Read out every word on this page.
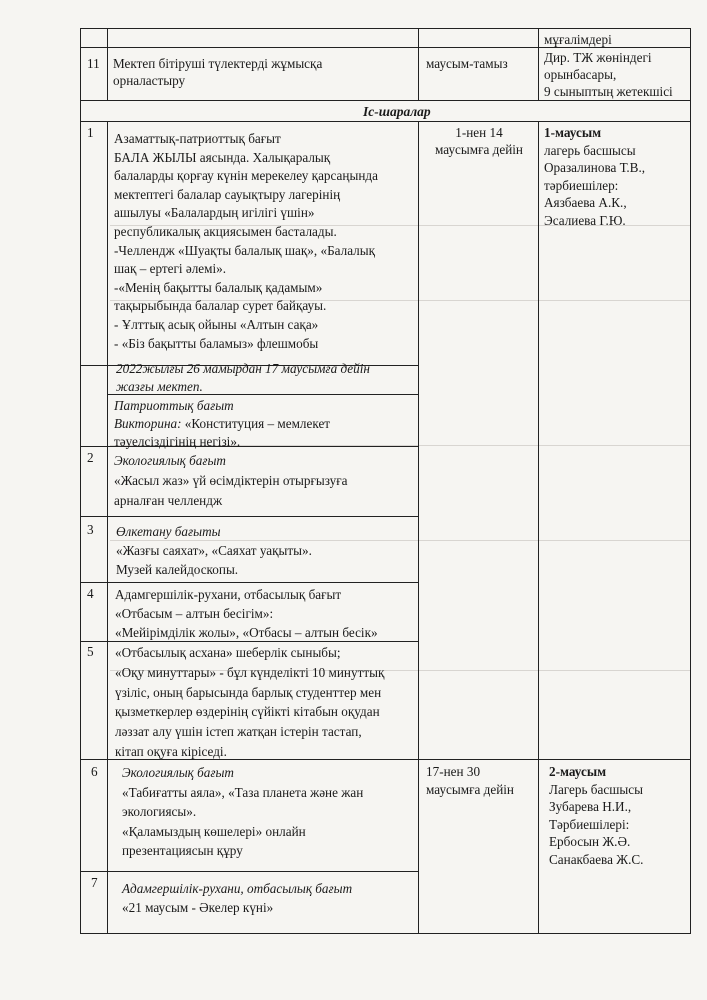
мұғалімдері
11 Мектеп бітіруші түлектерді жұмысқа
орналастыру
маусым-тамыз	Дир. ТЖ жөніндегі
орынбасары,
9 сыныптың жетекшісі
Іс-шаралар
1 Азаматтық-патриоттық бағыт
БАЛА ЖЫЛЫ аясында. Халықаралық
балаларды қорғау күнін мерекелеу қарсаңында
мектептегі балалар сауықтыру лагерінің
ашылуы «Балалардың игілігі үшін»
республикалық акциясымен басталады.
-Челлендж «Шуақты балалық шақ», «Балалық
шақ – ертегі әлемі».
-«Менің бақытты балалық қадамым»
тақырыбында балалар сурет байқауы.
- Ұлттық асық ойыны «Алтын сақа»
- «Біз бақытты баламыз» флешмобы
2022жылғы 26 мамырдан 17 маусымға дейін
жазғы мектеп.
Патриоттық бағыт
Викторина: «Конституция – мемлекет
тәуелсіздігінің негізі».
2 Экологиялық бағыт
«Жасыл жаз» үй өсімдіктерін отырғызуға
арналған челлендж
3 Өлкетану бағыты
«Жазғы саяхат», «Саяхат уақыты».
Музей калейдоскопы.
4 Адамгершілік-рухани, отбасылық бағыт
«Отбасым – алтын бесігім»:
«Мейірімділік жолы», «Отбасы – алтын бесік»
5 «Отбасылық асхана» шеберлік сыныбы;
«Оқу минуттары» - бұл күнделікті 10 минуттық
үзіліс, оның барысында барлық студенттер мен
қызметкерлер өздерінің сүйікті кітабын оқудан
ләззат алу үшін істеп жатқан істерін тастап,
кітап оқуға кіріседі.
6 Экологиялық бағыт
«Табиғатты аяла», «Таза планета және жан
экологиясы».
«Қаламыздың көшелері» онлайн
презентациясын құру
7 Адамгершілік-рухани, отбасылық бағыт
«21 маусым - Әкелер күні»
1-нен 14
маусымға дейін
1-маусым
лагерь басшысы
Оразалинова Т.В.,
тәрбиешілер:
Аязбаева А.К.,
Эсалиева Г.Ю.
17-нен 30
маусымға дейін
2-маусым
Лагерь басшысы
Зубарева Н.И.,
Тәрбиешілері:
Ербосын Ж.Ә.
Санакбаева Ж.С.
